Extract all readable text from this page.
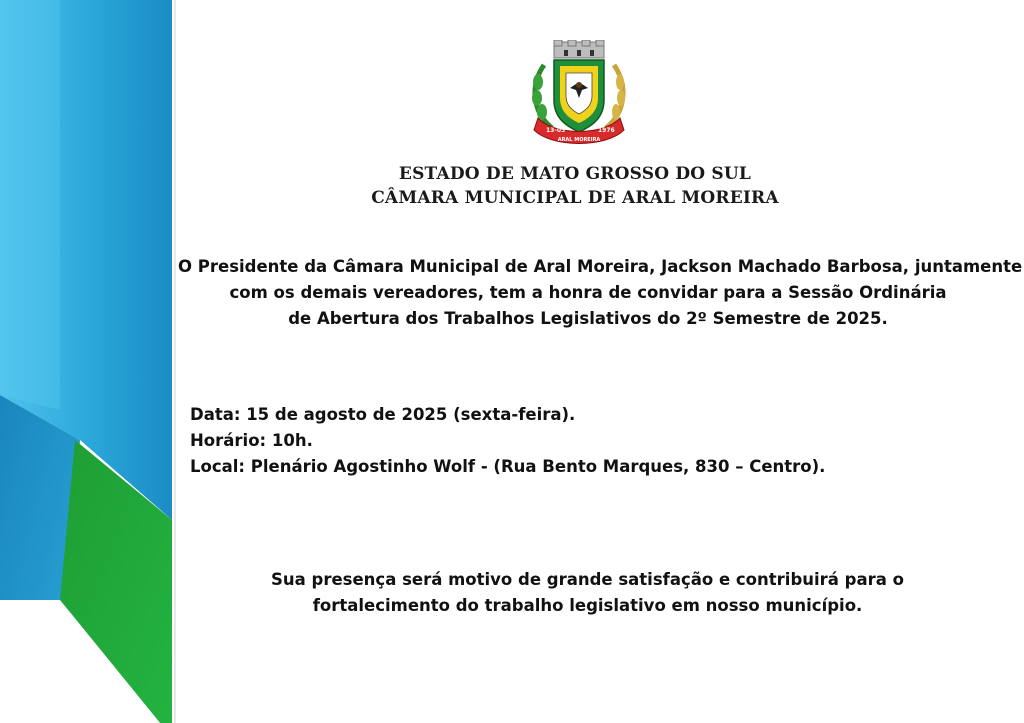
13-05	1976
ARAL MOREIRA
ESTADO DE MATO GROSSO DO SUL
CÂMARA MUNICIPAL DE ARAL MOREIRA
O Presidente da Câmara Municipal de Aral Moreira, Jackson Machado Barbosa, juntamente
com os demais vereadores, tem a honra de convidar para a Sessão Ordinária
de Abertura dos Trabalhos Legislativos do 2º Semestre de 2025.
Data: 15 de agosto de 2025 (sexta-feira).
Horário: 10h.
Local: Plenário Agostinho Wolf - (Rua Bento Marques, 830 – Centro).
Sua presença será motivo de grande satisfação e contribuirá para o
fortalecimento do trabalho legislativo em nosso município.
